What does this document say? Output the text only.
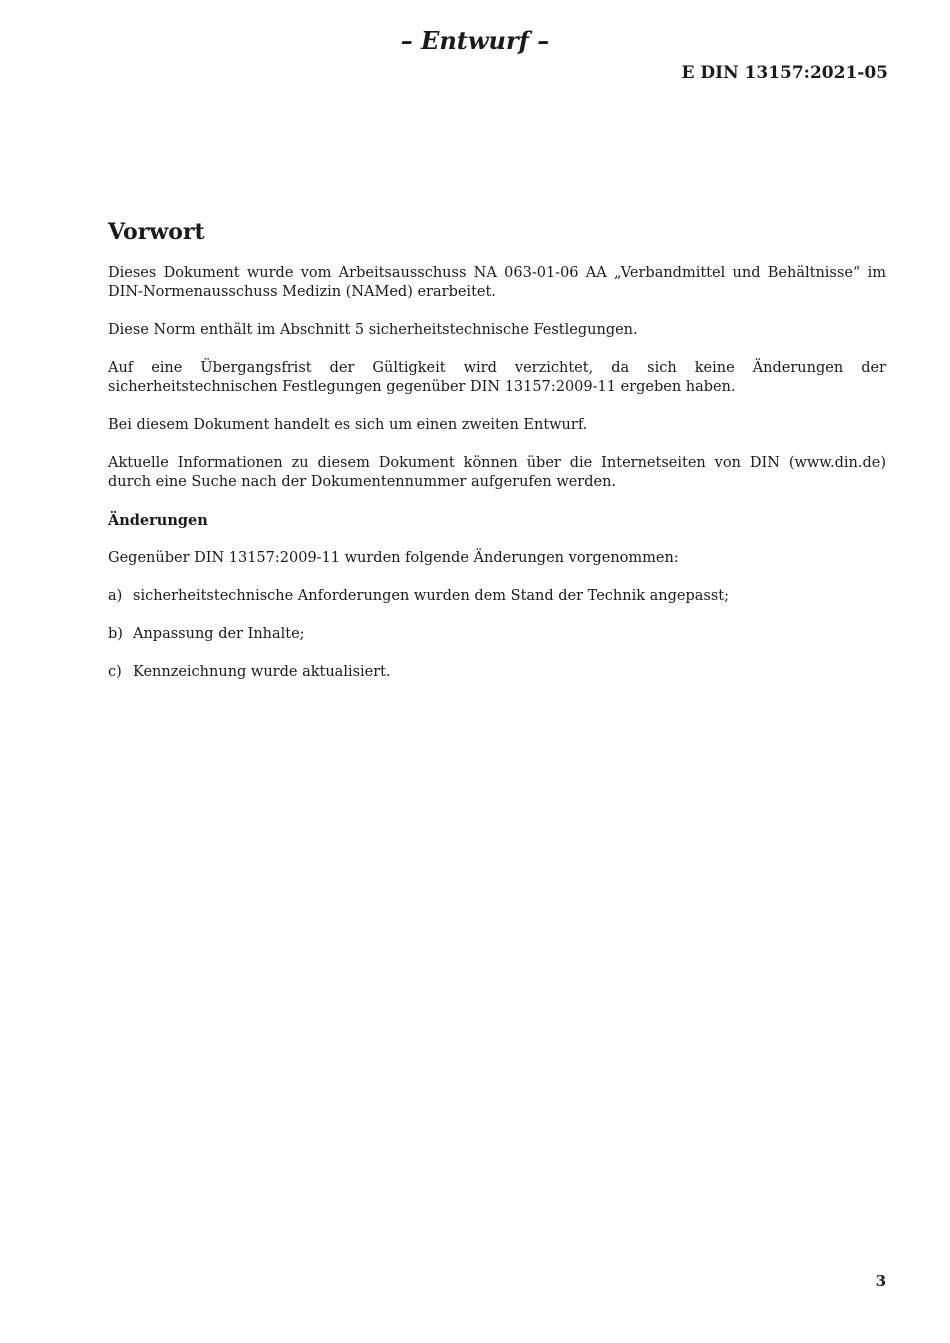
– Entwurf –
E DIN 13157:2021-05
Vorwort

Dieses Dokument wurde vom Arbeitsausschuss NA 063-01-06 AA „Verbandmittel und Behältnisse“ im DIN-Normenausschuss Medizin (NAMed) erarbeitet.

Diese Norm enthält im Abschnitt 5 sicherheitstechnische Festlegungen.

Auf eine Übergangsfrist der Gültigkeit wird verzichtet, da sich keine Änderungen der sicherheitstechnischen Festlegungen gegenüber DIN 13157:2009-11 ergeben haben.

Bei diesem Dokument handelt es sich um einen zweiten Entwurf.

Aktuelle Informationen zu diesem Dokument können über die Internetseiten von DIN (www.din.de) durch eine Suche nach der Dokumentennummer aufgerufen werden.

Änderungen

Gegenüber DIN 13157:2009-11 wurden folgende Änderungen vorgenommen:

a) sicherheitstechnische Anforderungen wurden dem Stand der Technik angepasst;
b) Anpassung der Inhalte;
c) Kennzeichnung wurde aktualisiert.
3
